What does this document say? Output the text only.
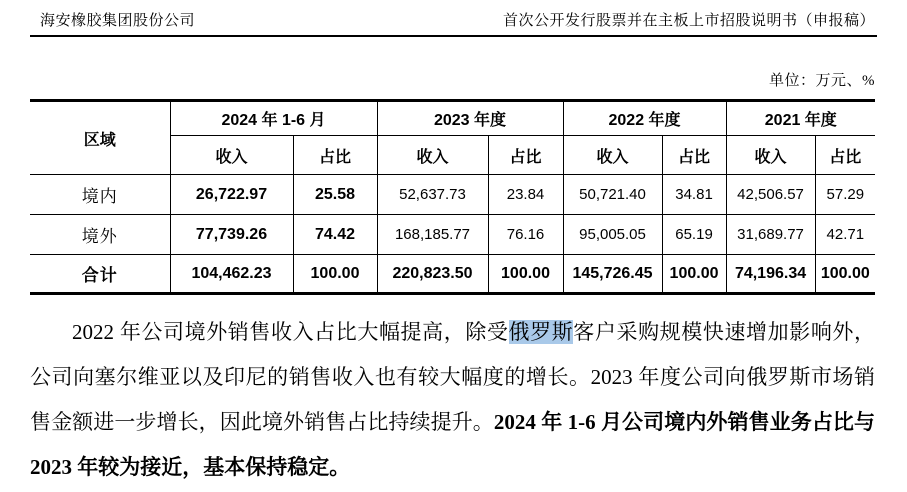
海安橡胶集团股份公司	首次公开发行股票并在主板上市招股说明书（申报稿）
单位：万元、%
区域	2024 年 1-6 月		2023 年度		2022 年度		2021 年度	
	收入	占比	收入	占比	收入	占比	收入	占比
境内	26,722.97	25.58	52,637.73	23.84	50,721.40	34.81	42,506.57	57.29
境外	77,739.26	74.42	168,185.77	76.16	95,005.05	65.19	31,689.77	42.71
合计	104,462.23	100.00	220,823.50	100.00	145,726.45	100.00	74,196.34	100.00

2022 年公司境外销售收入占比大幅提高，除受俄罗斯客户采购规模快速增加影响外，公司向塞尔维亚以及印尼的销售收入也有较大幅度的增长。2023 年度公司向俄罗斯市场销售金额进一步增长，因此境外销售占比持续提升。2024 年 1-6 月公司境内外销售业务占比与 2023 年较为接近，基本保持稳定。
